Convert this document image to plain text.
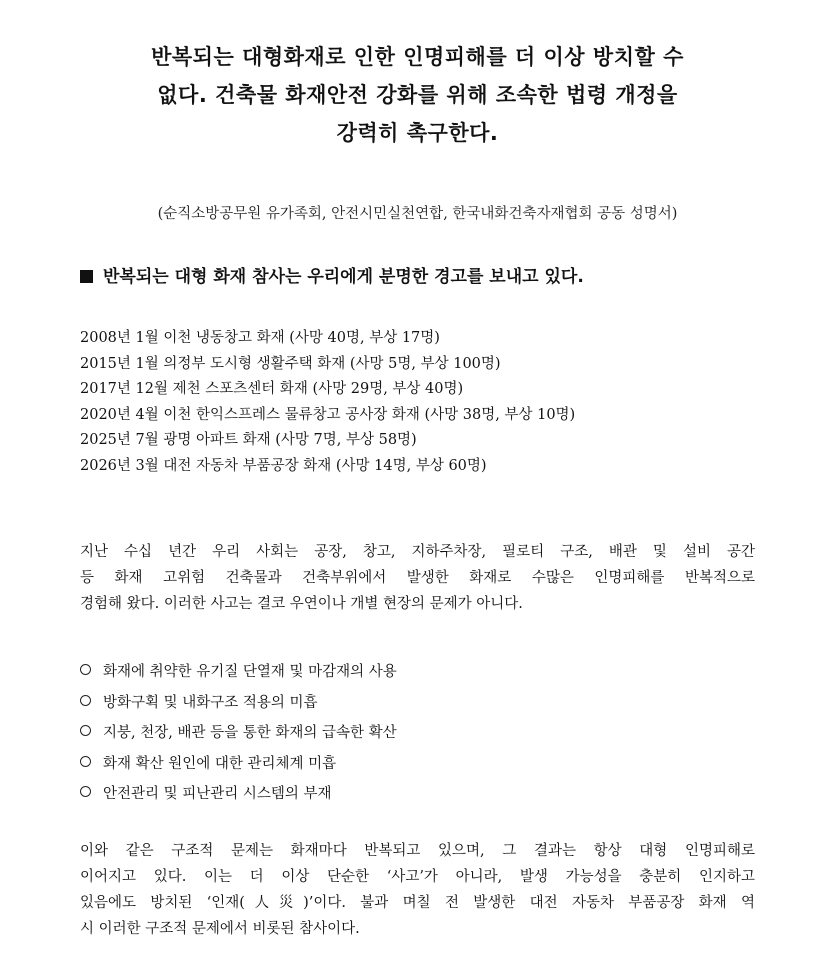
반복되는 대형화재로 인한 인명피해를 더 이상 방치할 수
없다. 건축물 화재안전 강화를 위해 조속한 법령 개정을
강력히 촉구한다.
(순직소방공무원 유가족회, 안전시민실천연합, 한국내화건축자재협회 공동 성명서)
반복되는 대형 화재 참사는 우리에게 분명한 경고를 보내고 있다.
2008년 1월 이천 냉동창고 화재 (사망 40명, 부상 17명)
2015년 1월 의정부 도시형 생활주택 화재 (사망 5명, 부상 100명)
2017년 12월 제천 스포츠센터 화재 (사망 29명, 부상 40명)
2020년 4월 이천 한익스프레스 물류창고 공사장 화재 (사망 38명, 부상 10명)
2025년 7월 광명 아파트 화재 (사망 7명, 부상 58명)
2026년 3월 대전 자동차 부품공장 화재 (사망 14명, 부상 60명)
지난 수십 년간 우리 사회는 공장, 창고, 지하주차장, 필로티 구조, 배관 및 설비 공간
등 화재 고위험 건축물과 건축부위에서 발생한 화재로 수많은 인명피해를 반복적으로
경험해 왔다. 이러한 사고는 결코 우연이나 개별 현장의 문제가 아니다.
화재에 취약한 유기질 단열재 및 마감재의 사용
방화구획 및 내화구조 적용의 미흡
지붕, 천장, 배관 등을 통한 화재의 급속한 확산
화재 확산 원인에 대한 관리체계 미흡
안전관리 및 피난관리 시스템의 부재
이와 같은 구조적 문제는 화재마다 반복되고 있으며, 그 결과는 항상 대형 인명피해로
이어지고 있다. 이는 더 이상 단순한 ‘사고’가 아니라, 발생 가능성을 충분히 인지하고
있음에도 방치된 ‘인재(人災)’이다. 불과 며칠 전 발생한 대전 자동차 부품공장 화재 역
시 이러한 구조적 문제에서 비롯된 참사이다.
